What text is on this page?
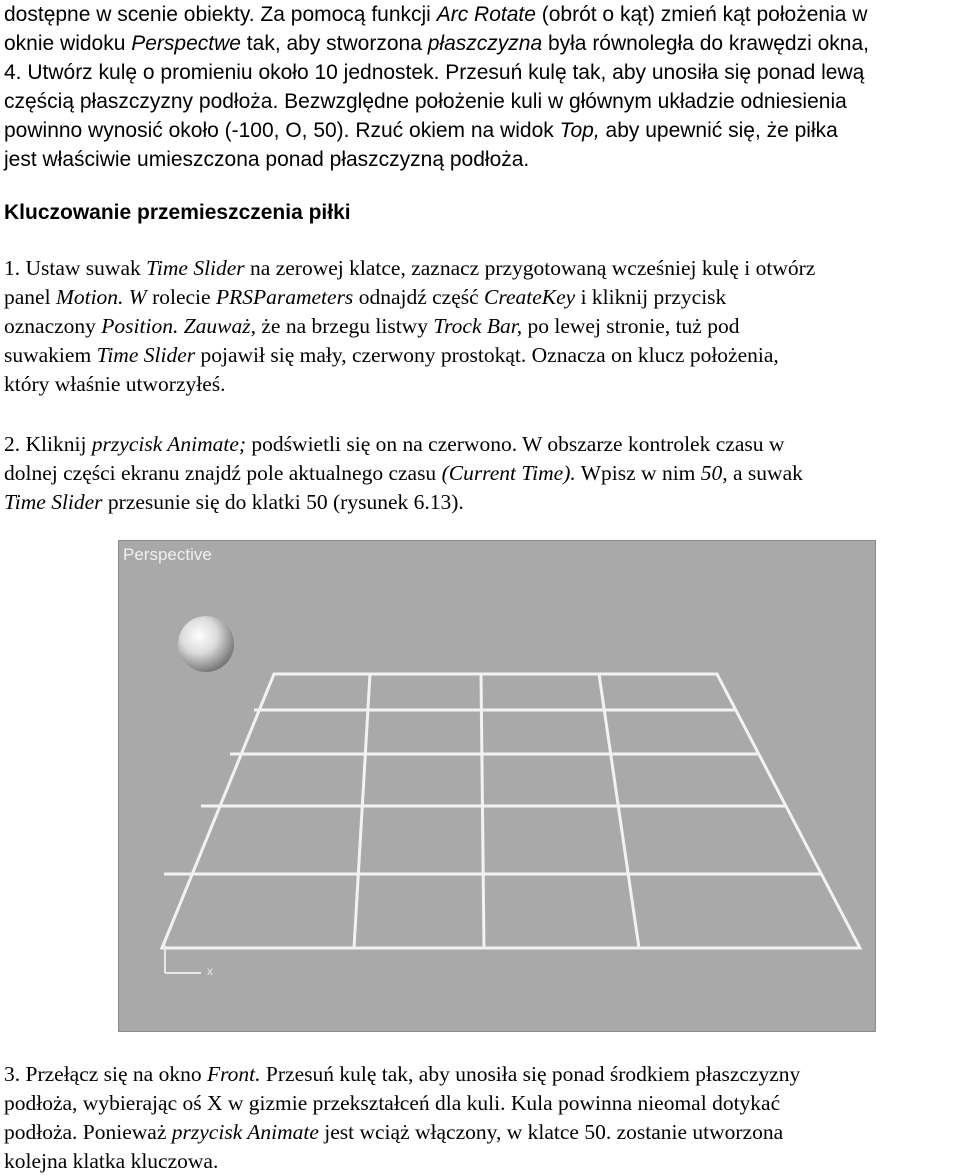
dostępne w scenie obiekty. Za pomocą funkcji Arc Rotate (obrót o kąt) zmień kąt położenia w
oknie widoku Perspectwe tak, aby stworzona płaszczyzna była równoległa do krawędzi okna,
4. Utwórz kulę o promieniu około 10 jednostek. Przesuń kulę tak, aby unosiła się ponad lewą
częścią płaszczyzny podłoża. Bezwzględne położenie kuli w głównym układzie odniesienia
powinno wynosić około (-100, O, 50). Rzuć okiem na widok Top, aby upewnić się, że piłka
jest właściwie umieszczona ponad płaszczyzną podłoża.
Kluczowanie przemieszczenia piłki
1. Ustaw suwak Time Slider na zerowej klatce, zaznacz przygotowaną wcześniej kulę i otwórz
panel Motion. W rolecie PRSParameters odnajdź część CreateKey i kliknij przycisk
oznaczony Position. Zauważ, że na brzegu listwy Trock Bar, po lewej stronie, tuż pod
suwakiem Time Slider pojawił się mały, czerwony prostokąt. Oznacza on klucz położenia,
który właśnie utworzyłeś.
2. Kliknij przycisk Animate; podświetli się on na czerwono. W obszarze kontrolek czasu w
dolnej części ekranu znajdź pole aktualnego czasu (Current Time). Wpisz w nim 50, a suwak
Time Slider przesunie się do klatki 50 (rysunek 6.13).
x
Perspective
3. Przełącz się na okno Front. Przesuń kulę tak, aby unosiła się ponad środkiem płaszczyzny
podłoża, wybierając oś X w gizmie przekształceń dla kuli. Kula powinna nieomal dotykać
podłoża. Ponieważ przycisk Animate jest wciąż włączony, w klatce 50. zostanie utworzona
kolejna klatka kluczowa.
